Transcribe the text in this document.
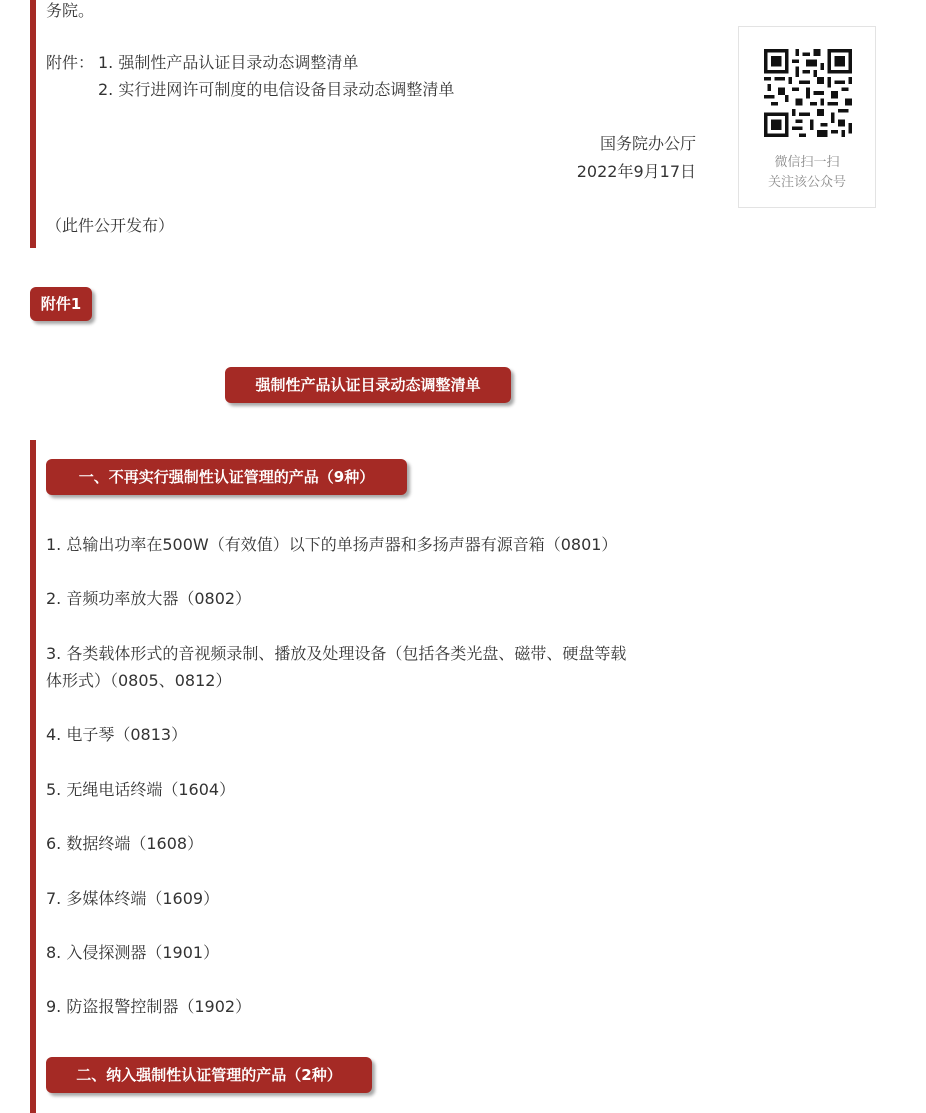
务院。
附件： 1. 强制性产品认证目录动态调整清单
2. 实行进网许可制度的电信设备目录动态调整清单
国务院办公厅
2022年9月17日
（此件公开发布）
微信扫一扫
关注该公众号
附件1
强制性产品认证目录动态调整清单
一、不再实行强制性认证管理的产品（9种）
1. 总输出功率在500W（有效值）以下的单扬声器和多扬声器有源音箱（0801）
2. 音频功率放大器（0802）
3. 各类载体形式的音视频录制、播放及处理设备（包括各类光盘、磁带、硬盘等载
体形式）（0805、0812）
4. 电子琴（0813）
5. 无绳电话终端（1604）
6. 数据终端（1608）
7. 多媒体终端（1609）
8. 入侵探测器（1901）
9. 防盗报警控制器（1902）
二、纳入强制性认证管理的产品（2种）
